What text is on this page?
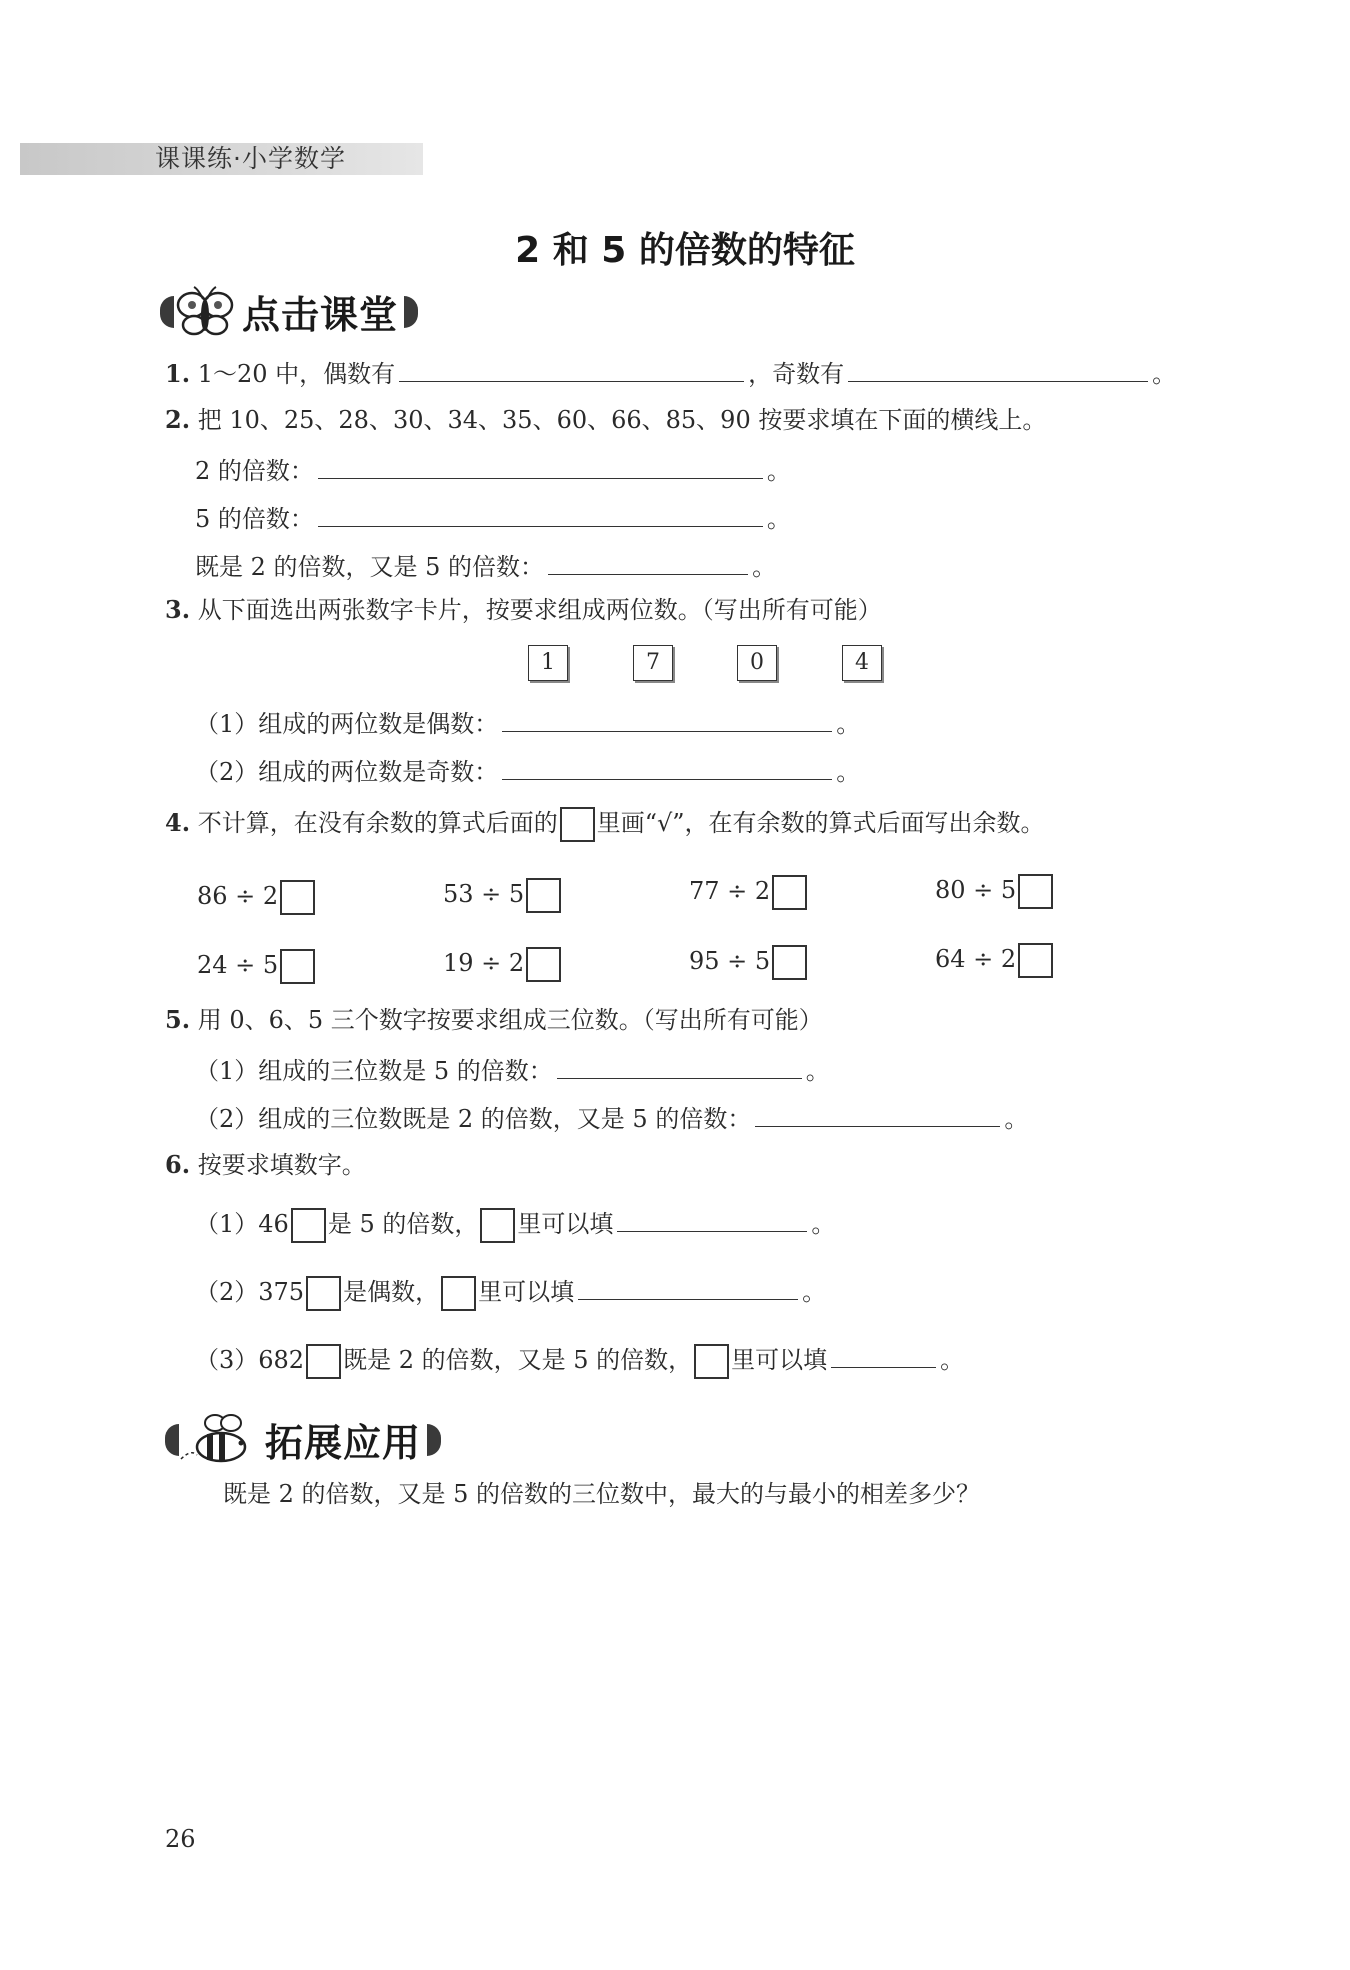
课课练·小学数学
2 和 5 的倍数的特征
点击课堂
1. 1～20 中，偶数有	，奇数有	。
2. 把 10、25、28、30、34、35、60、66、85、90 按要求填在下面的横线上。
2 的倍数：	。
5 的倍数：	。
既是 2 的倍数，又是 5 的倍数：	。
3. 从下面选出两张数字卡片，按要求组成两位数。（写出所有可能）
1	7	0	4
（1）组成的两位数是偶数：	。
（2）组成的两位数是奇数：	。
4. 不计算，在没有余数的算式后面的 里画“√”，在有余数的算式后面写出余数。
86 ÷ 2	53 ÷ 5	77 ÷ 2	80 ÷ 5
24 ÷ 5	19 ÷ 2	95 ÷ 5	64 ÷ 2
5. 用 0、6、5 三个数字按要求组成三位数。（写出所有可能）
（1）组成的三位数是 5 的倍数：	。
（2）组成的三位数既是 2 的倍数，又是 5 的倍数：	。
6. 按要求填数字。
（1）46 是 5 的倍数， 里可以填	。
（2）375 是偶数， 里可以填	。
（3）682 既是 2 的倍数，又是 5 的倍数， 里可以填	。
拓展应用
既是 2 的倍数，又是 5 的倍数的三位数中，最大的与最小的相差多少？
26
